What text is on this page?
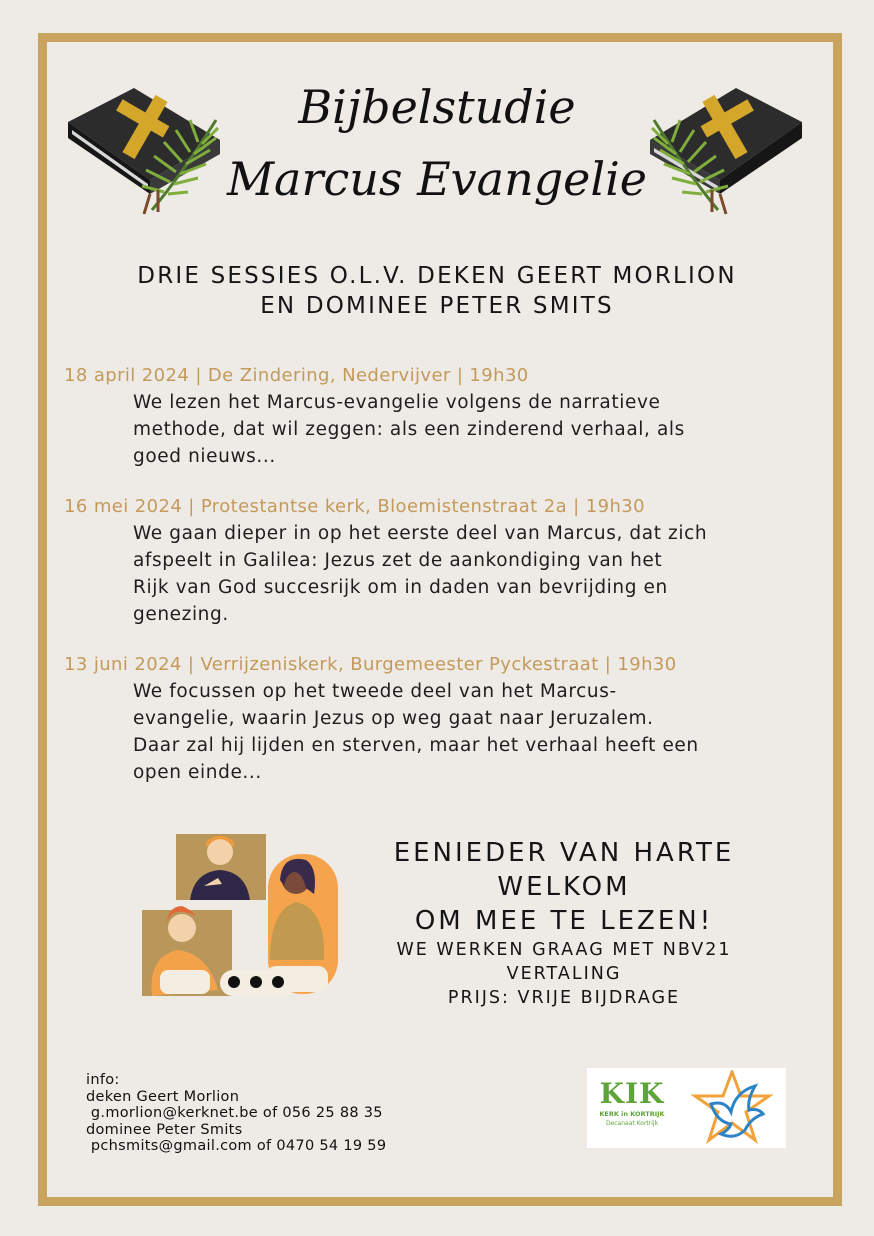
Bijbelstudie
Marcus Evangelie
DRIE SESSIES O.L.V. DEKEN GEERT MORLION
EN DOMINEE PETER SMITS
18 april 2024 | De Zindering, Nedervijver | 19h30
We lezen het Marcus-evangelie volgens de narratieve
methode, dat wil zeggen: als een zinderend verhaal, als
goed nieuws...
16 mei 2024 | Protestantse kerk, Bloemistenstraat 2a | 19h30
We gaan dieper in op het eerste deel van Marcus, dat zich
afspeelt in Galilea: Jezus zet de aankondiging van het
Rijk van God succesrijk om in daden van bevrijding en
genezing.
13 juni 2024 | Verrijzeniskerk, Burgemeester Pyckestraat | 19h30
We focussen op het tweede deel van het Marcus-
evangelie, waarin Jezus op weg gaat naar Jeruzalem.
Daar zal hij lijden en sterven, maar het verhaal heeft een
open einde...
EENIEDER VAN HARTE
WELKOM
OM MEE TE LEZEN!
WE WERKEN GRAAG MET NBV21
VERTALING
PRIJS: VRIJE BIJDRAGE
info:
deken Geert Morlion
g.morlion@kerknet.be of 056 25 88 35
dominee Peter Smits
pchsmits@gmail.com of 0470 54 19 59
KIK
KERK in KORTRIJK
Decanaat Kortrijk
